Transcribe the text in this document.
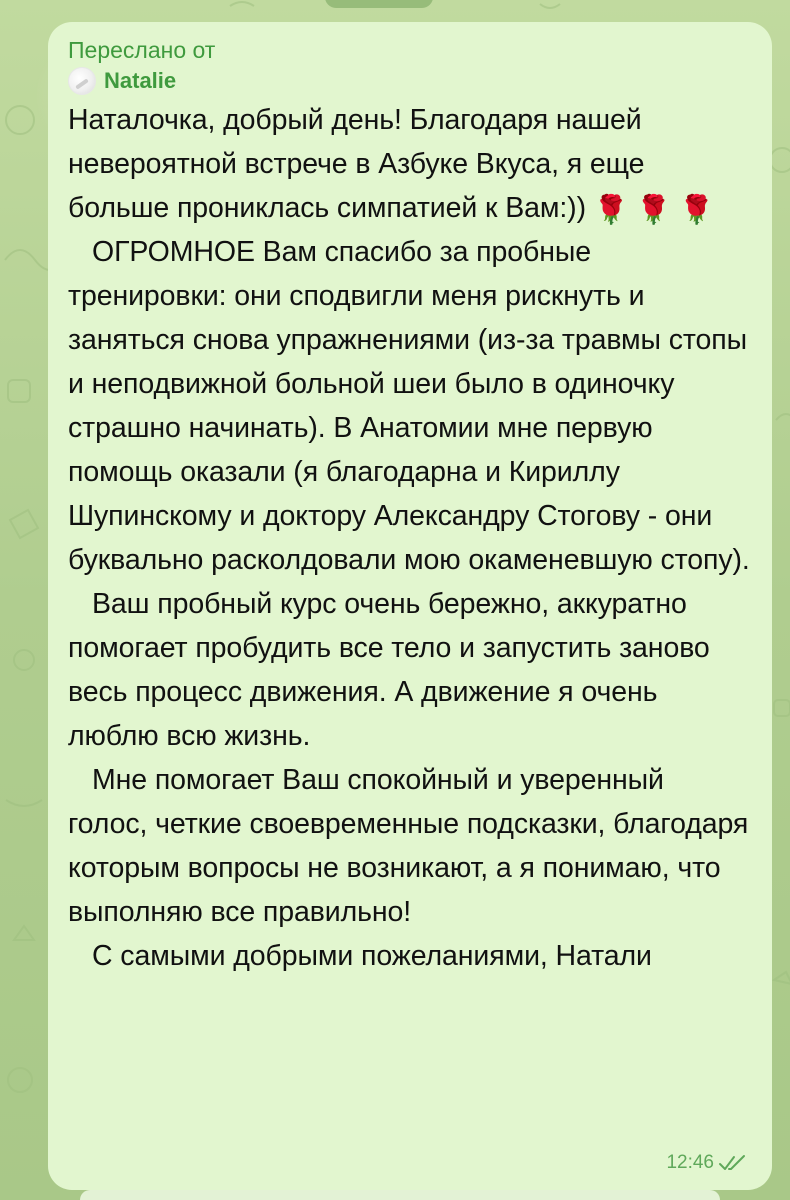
Переслано от
Natalie

Наталочка, добрый день! Благодаря нашей невероятной встрече в Азбуке Вкуса, я еще больше прониклась симпатией к Вам:)) 🌹 🌹 🌹

ОГРОМНОЕ Вам спасибо за пробные тренировки: они сподвигли меня рискнуть и заняться снова упражнениями (из-за травмы стопы и неподвижной больной шеи было в одиночку страшно начинать). В Анатомии мне первую помощь оказали (я благодарна и Кириллу Шупинскому и доктору Александру Стогову - они буквально расколдовали мою окаменевшую стопу).

Ваш пробный курс очень бережно, аккуратно помогает пробудить все тело и запустить заново весь процесс движения. А движение я очень люблю всю жизнь.

Мне помогает Ваш спокойный и уверенный голос, четкие своевременные подсказки, благодаря которым вопросы не возникают, а я понимаю, что выполняю все правильно!

С самыми добрыми пожеланиями, Натали

12:46
